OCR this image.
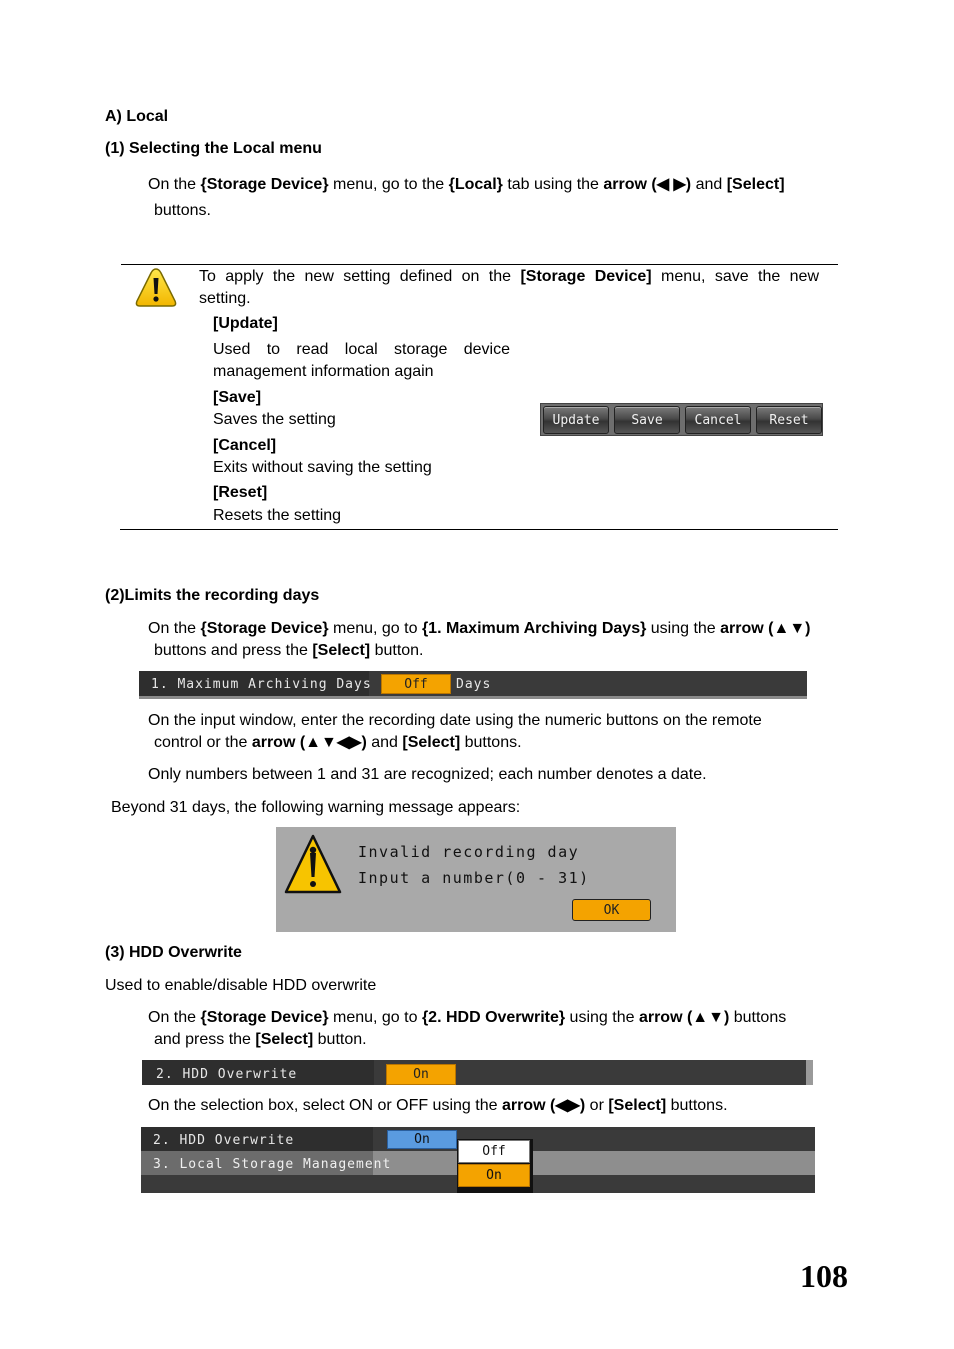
A) Local
(1) Selecting the Local menu
On the {Storage Device} menu, go to the {Local} tab using the arrow (◀ ▶) and [Select]
buttons.
To apply the new setting defined on the [Storage Device] menu, save the new
setting.
[Update]
Used to read local storage device
management information again
[Save]
Saves the setting
[Cancel]
Exits without saving the setting
[Reset]
Resets the setting
Update	Save	Cancel	Reset
(2)Limits the recording days
On the {Storage Device} menu, go to {1. Maximum Archiving Days} using the arrow (▲▼)
buttons and press the [Select] button.
1. Maximum Archiving Days	Off	Days
On the input window, enter the recording date using the numeric buttons on the remote
control or the arrow (▲▼◀▶) and [Select] buttons.
Only numbers between 1 and 31 are recognized; each number denotes a date.
Beyond 31 days, the following warning message appears:
Invalid recording day
Input a number(0 - 31)
OK
(3) HDD Overwrite
Used to enable/disable HDD overwrite
On the {Storage Device} menu, go to {2. HDD Overwrite} using the arrow (▲▼) buttons
and press the [Select] button.
2. HDD Overwrite	On
On the selection box, select ON or OFF using the arrow (◀▶) or [Select] buttons.
2. HDD Overwrite	On
3. Local Storage Management
Off
On
108
